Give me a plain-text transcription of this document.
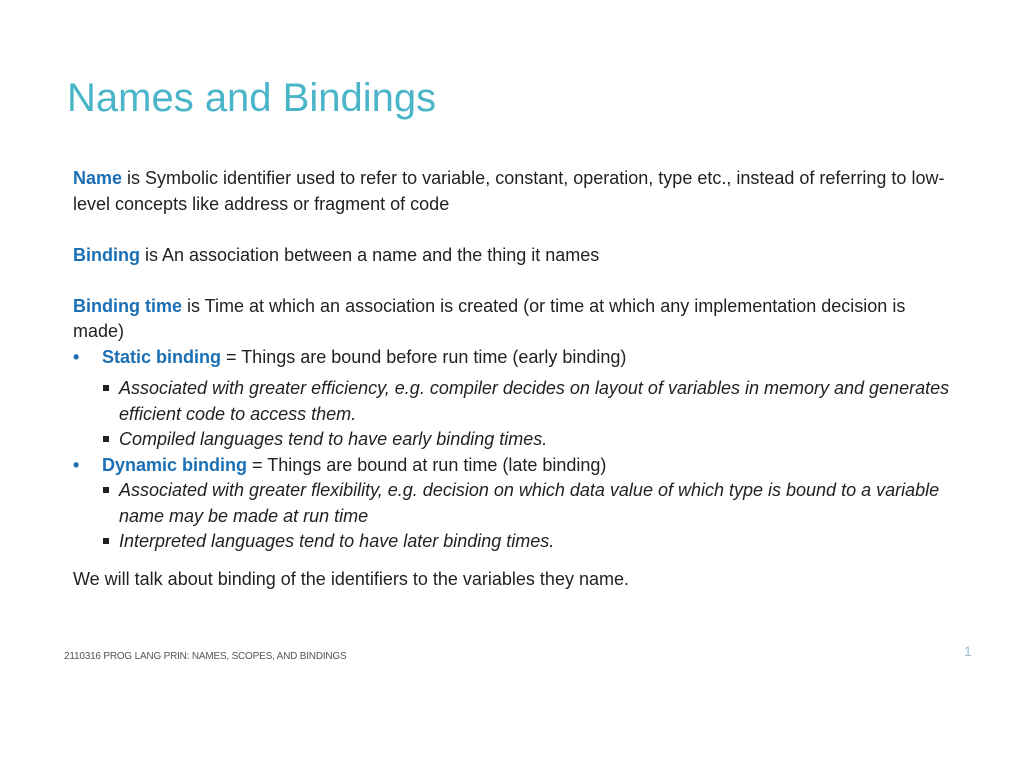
Names and Bindings

Name is Symbolic identifier used to refer to variable, constant, operation, type etc., instead of referring to low-level concepts like address or fragment of code

Binding is An association between a name and the thing it names

Binding time is Time at which an association is created (or time at which any implementation decision is made)

• Static binding = Things are bound before run time (early binding)
Associated with greater efficiency, e.g. compiler decides on layout of variables in memory and generates efficient code to access them.
Compiled languages tend to have early binding times.
• Dynamic binding = Things are bound at run time (late binding)
Associated with greater flexibility, e.g. decision on which data value of which type is bound to a variable
name may be made at run time
Interpreted languages tend to have later binding times.

We will talk about binding of the identifiers to the variables they name.

2110316 PROG LANG PRIN: NAMES, SCOPES, AND BINDINGS	1
